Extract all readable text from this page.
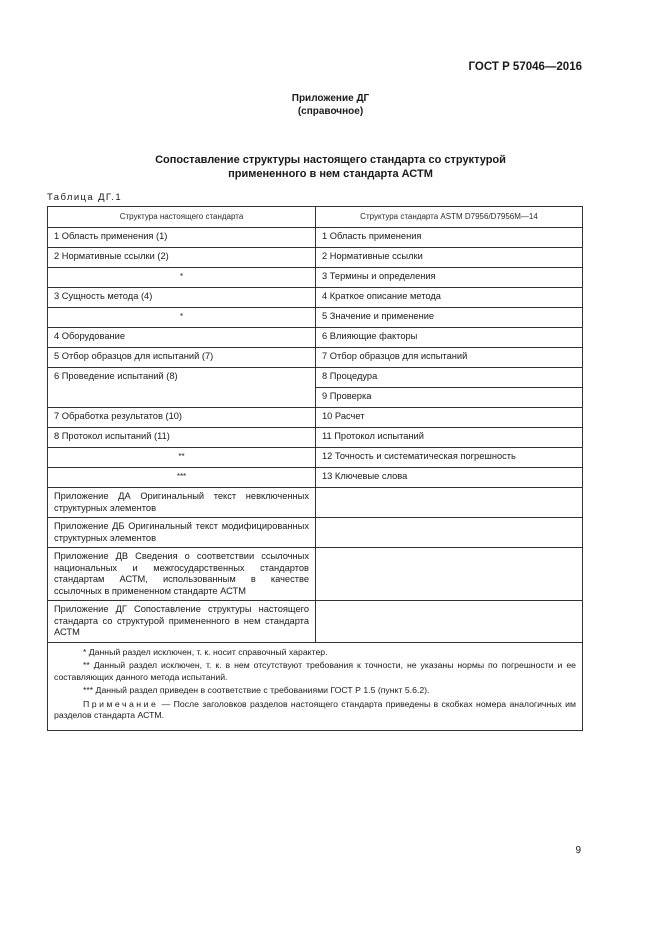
ГОСТ Р 57046—2016
Приложение ДГ
(справочное)
Сопоставление структуры настоящего стандарта со структурой
примененного в нем стандарта АСТМ
Таблица ДГ.1
Структура настоящего стандарта	Структура стандарта ASTM D7956/D7956M—14
1 Область применения (1)	1 Область применения
2 Нормативные ссылки (2)	2 Нормативные ссылки
*	3 Термины и определения
3 Сущность метода (4)	4 Краткое описание метода
*	5 Значение и применение
4 Оборудование	6 Влияющие факторы
5 Отбор образцов для испытаний (7)	7 Отбор образцов для испытаний
6 Проведение испытаний (8)	8 Процедура
	9 Проверка
7 Обработка результатов (10)	10 Расчет
8 Протокол испытаний (11)	11 Протокол испытаний
**	12 Точность и систематическая погрешность
***	13 Ключевые слова
Приложение ДА Оригинальный текст невключенных структурных элементов	
Приложение ДБ Оригинальный текст модифицированных структурных элементов	
Приложение ДВ Сведения о соответствии ссылочных национальных и межгосударственных стандартов стандартам АСТМ, использованным в качестве ссылочных в примененном стандарте АСТМ	
Приложение ДГ Сопоставление структуры настоящего стандарта со структурой примененного в нем стандарта АСТМ	

* Данный раздел исключен, т. к. носит справочный характер.

** Данный раздел исключен, т. к. в нем отсутствуют требования к точности, не указаны нормы по погрешности и ее составляющих данного метода испытаний.

*** Данный раздел приведен в соответствие с требованиями ГОСТ Р 1.5 (пункт 5.6.2).

Примечание — После заголовков разделов настоящего стандарта приведены в скобках номера аналогичных им разделов стандарта АСТМ.	

9
